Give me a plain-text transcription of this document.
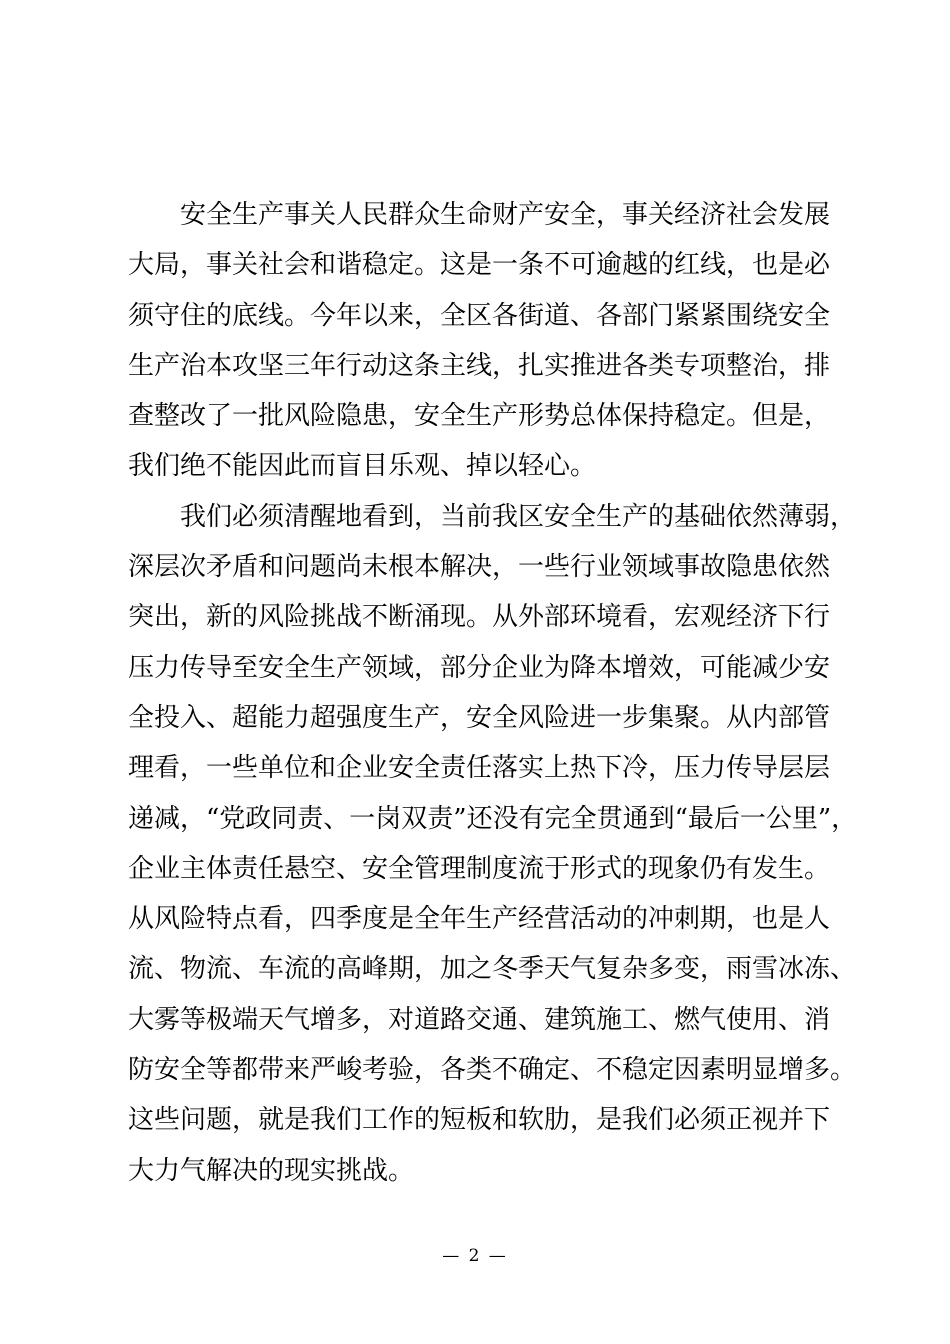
安全生产事关人民群众生命财产安全，事关经济社会发展
大局，事关社会和谐稳定。这是一条不可逾越的红线，也是必
须守住的底线。今年以来，全区各街道、各部门紧紧围绕安全
生产治本攻坚三年行动这条主线，扎实推进各类专项整治，排
查整改了一批风险隐患，安全生产形势总体保持稳定。但是，
我们绝不能因此而盲目乐观、掉以轻心。
我们必须清醒地看到，当前我区安全生产的基础依然薄弱，
深层次矛盾和问题尚未根本解决，一些行业领域事故隐患依然
突出，新的风险挑战不断涌现。从外部环境看，宏观经济下行
压力传导至安全生产领域，部分企业为降本增效，可能减少安
全投入、超能力超强度生产，安全风险进一步集聚。从内部管
理看，一些单位和企业安全责任落实上热下冷，压力传导层层
递减，“党政同责、一岗双责”还没有完全贯通到“最后一公里”，
企业主体责任悬空、安全管理制度流于形式的现象仍有发生。
从风险特点看，四季度是全年生产经营活动的冲刺期，也是人
流、物流、车流的高峰期，加之冬季天气复杂多变，雨雪冰冻、
大雾等极端天气增多，对道路交通、建筑施工、燃气使用、消
防安全等都带来严峻考验，各类不确定、不稳定因素明显增多。
这些问题，就是我们工作的短板和软肋，是我们必须正视并下
大力气解决的现实挑战。
— 2 —
